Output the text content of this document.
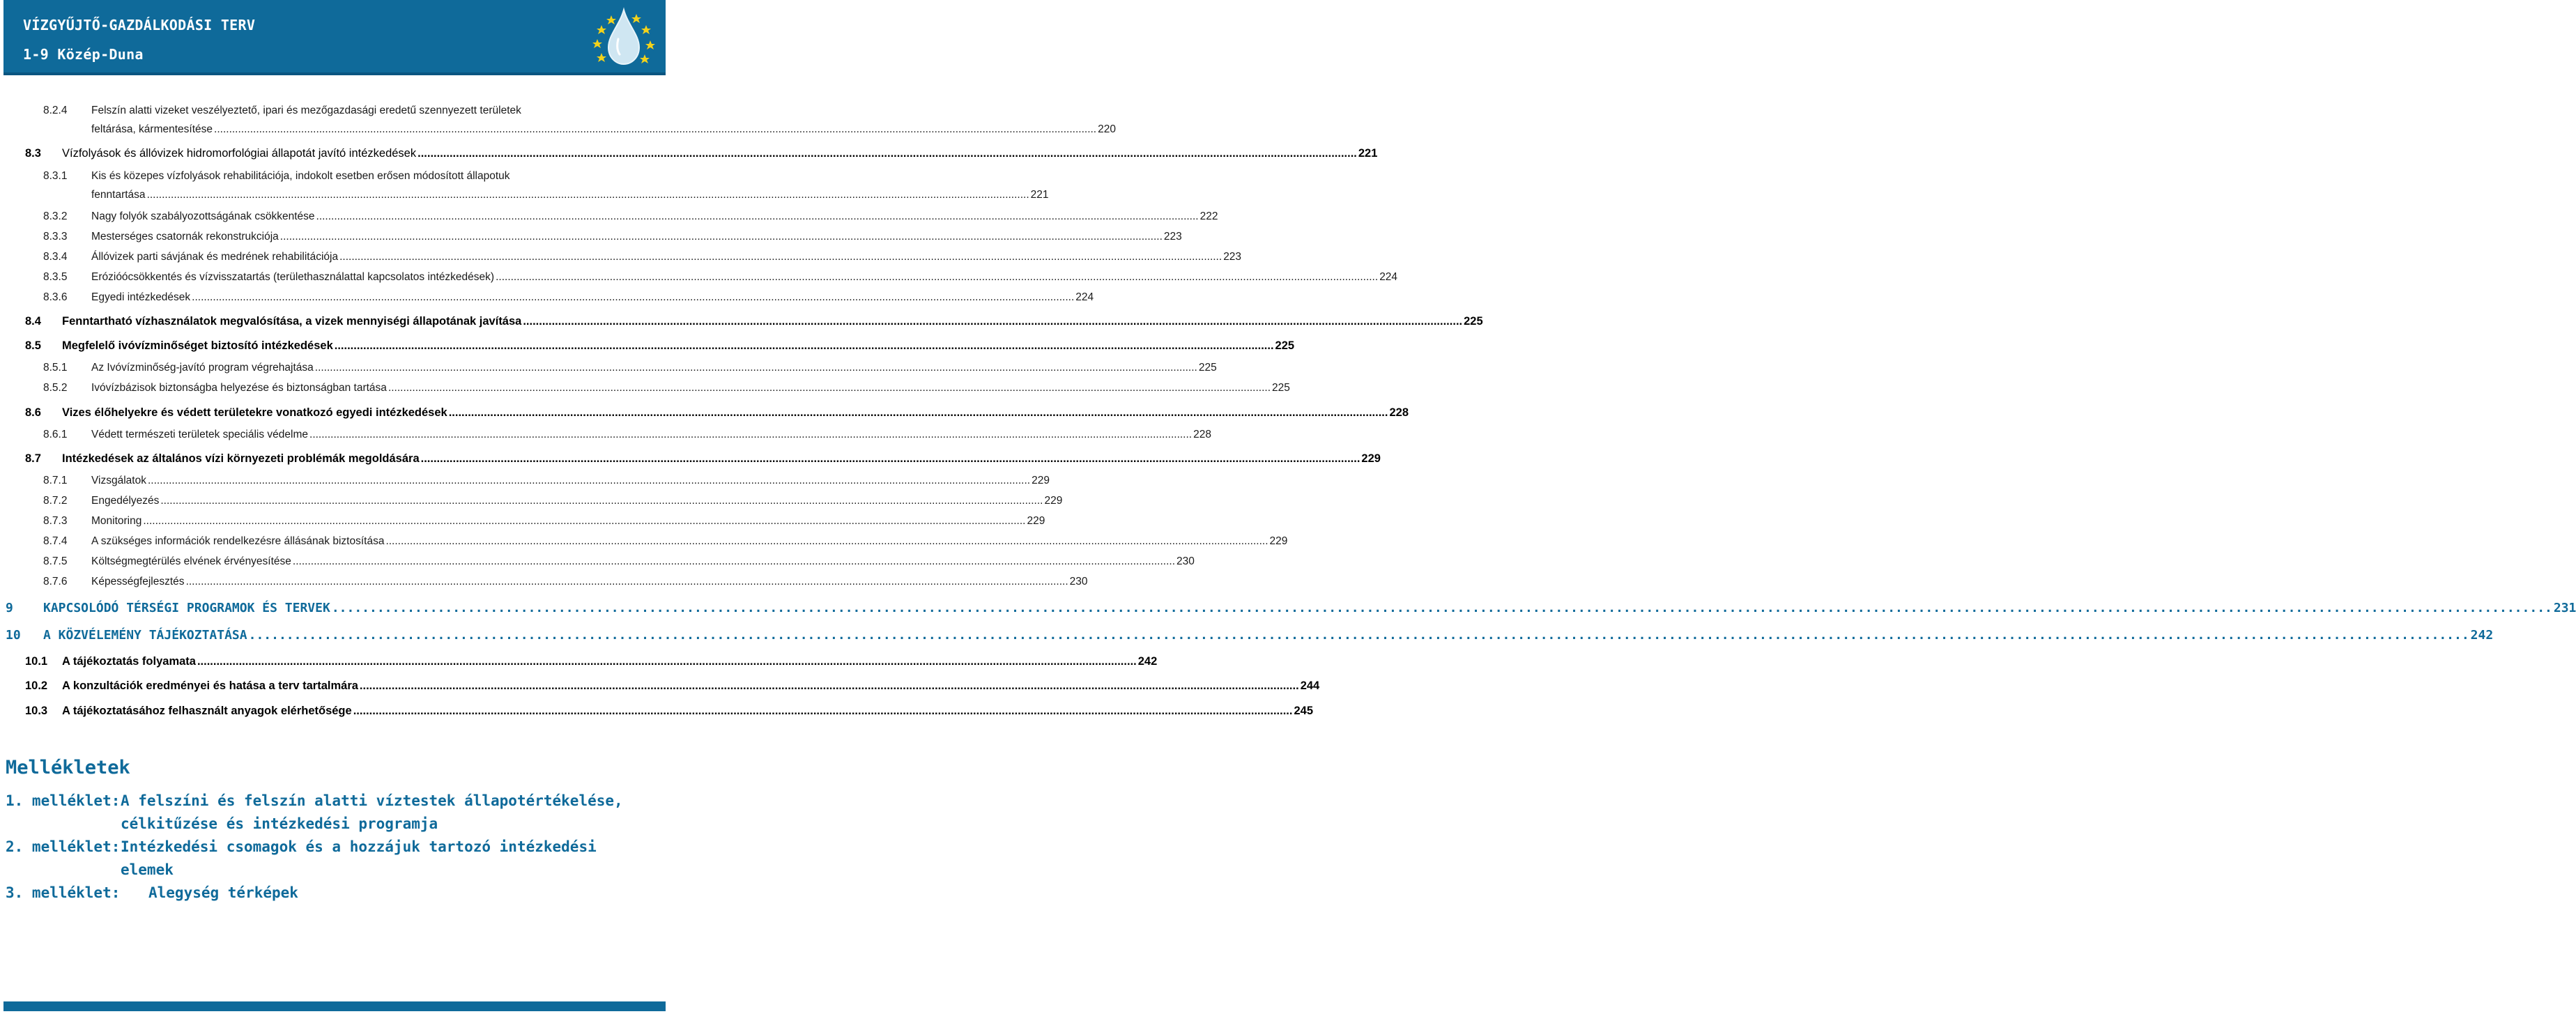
VÍZGYŰJTŐ-GAZDÁLKODÁSI TERV
1-9 Közép-Duna
8.2.4 Felszín alatti vizeket veszélyeztető, ipari és mezőgazdasági eredetű szennyezett területek
feltárása, kármentesítése .....	220
8.3	Vízfolyások és állóvizek hidromorfológiai állapotát javító intézkedések .....	221
8.3.1 Kis és közepes vízfolyások rehabilitációja, indokolt esetben erősen módosított állapotuk
fenntartása .....	221
8.3.2	Nagy folyók szabályozottságának csökkentése .....	222
8.3.3	Mesterséges csatornák rekonstrukciója .....	223
8.3.4	Állóvizek parti sávjának és medrének rehabilitációja .....	223
8.3.5	Erózióócsökkentés és vízvisszatartás (területhasználattal kapcsolatos intézkedések) .....	224
8.3.6	Egyedi intézkedések .....	224
8.4	Fenntartható vízhasználatok megvalósítása, a vizek mennyiségi állapotának javítása .....	225
8.5	Megfelelő ivóvízminőséget biztosító intézkedések .....	225
8.5.1	Az Ivóvízminőség-javító program végrehajtása .....	225
8.5.2	Ivóvízbázisok biztonságba helyezése és biztonságban tartása .....	225
8.6	Vizes élőhelyekre és védett területekre vonatkozó egyedi intézkedések .....	228
8.6.1	Védett természeti területek speciális védelme .....	228
8.7	Intézkedések az általános vízi környezeti problémák megoldására .....	229
8.7.1	Vizsgálatok .....	229
8.7.2	Engedélyezés .....	229
8.7.3	Monitoring .....	229
8.7.4	A szükséges információk rendelkezésre állásának biztosítása .....	229
8.7.5	Költségmegtérülés elvének érvényesítése .....	230
8.7.6	Képességfejlesztés .....	230
9	KAPCSOLÓDÓ TÉRSÉGI PROGRAMOK ÉS TERVEK .....	231
10	A KÖZVÉLEMÉNY TÁJÉKOZTATÁSA .....	242
10.1	A tájékoztatás folyamata .....	242
10.2	A konzultációk eredményei és hatása a terv tartalmára .....	244
10.3	A tájékoztatásához felhasznált anyagok elérhetősége .....	245
Mellékletek
1. melléklet:A felszíni és felszín alatti víztestek állapotértékelése,
célkitűzése és intézkedési programja
2. melléklet:Intézkedési csomagok és a hozzájuk tartozó intézkedési
elemek
3. melléklet: Alegység térképek
